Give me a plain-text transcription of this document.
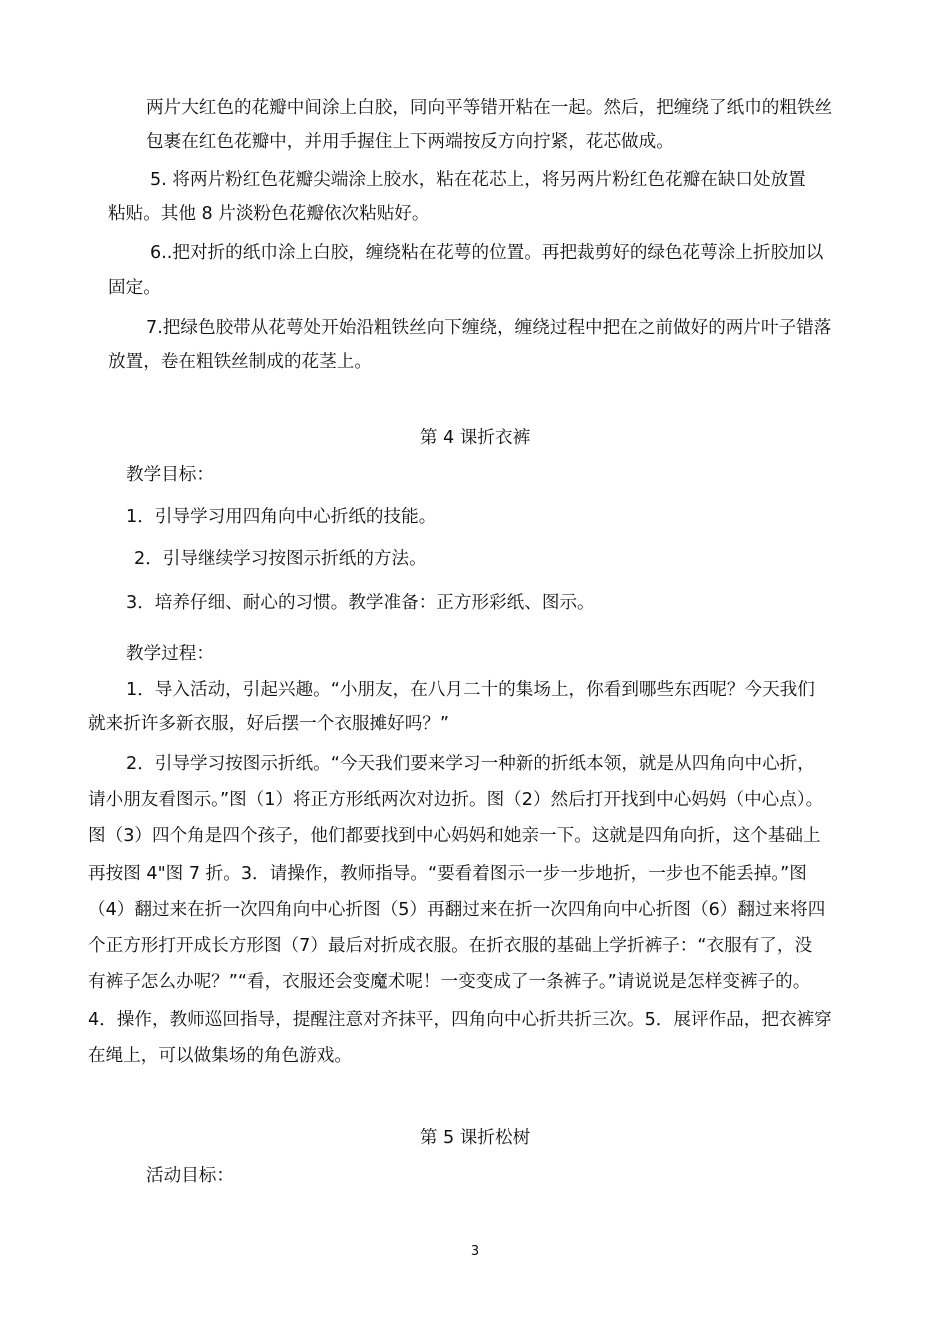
两片大红色的花瓣中间涂上白胶，同向平等错开粘在一起。然后，把缠绕了纸巾的粗铁丝
包裹在红色花瓣中，并用手握住上下两端按反方向拧紧，花芯做成。
5. 将两片粉红色花瓣尖端涂上胶水，粘在花芯上，将另两片粉红色花瓣在缺口处放置
粘贴。其他 8 片淡粉色花瓣依次粘贴好。
6..把对折的纸巾涂上白胶，缠绕粘在花萼的位置。再把裁剪好的绿色花萼涂上折胶加以
固定。
7.把绿色胶带从花萼处开始沿粗铁丝向下缠绕，缠绕过程中把在之前做好的两片叶子错落
放置，卷在粗铁丝制成的花茎上。
第 4 课折衣裤
教学目标：
1．引导学习用四角向中心折纸的技能。
2．引导继续学习按图示折纸的方法。
3．培养仔细、耐心的习惯。教学准备：正方形彩纸、图示。
教学过程：
1．导入活动，引起兴趣。“小朋友，在八月二十的集场上，你看到哪些东西呢？今天我们
就来折许多新衣服，好后摆一个衣服摊好吗？”
2．引导学习按图示折纸。“今天我们要来学习一种新的折纸本领，就是从四角向中心折，
请小朋友看图示。”图（1）将正方形纸两次对边折。图（2）然后打开找到中心妈妈（中心点）。
图（3）四个角是四个孩子，他们都要找到中心妈妈和她亲一下。这就是四角向折，这个基础上
再按图 4"图 7 折。3．请操作，教师指导。“要看着图示一步一步地折，一步也不能丢掉。”图
（4）翻过来在折一次四角向中心折图（5）再翻过来在折一次四角向中心折图（6）翻过来将四
个正方形打开成长方形图（7）最后对折成衣服。在折衣服的基础上学折裤子：“衣服有了，没
有裤子怎么办呢？”“看，衣服还会变魔术呢！一变变成了一条裤子。”请说说是怎样变裤子的。
4．操作，教师巡回指导，提醒注意对齐抹平，四角向中心折共折三次。5．展评作品，把衣裤穿
在绳上，可以做集场的角色游戏。
第 5 课折松树
活动目标：
3
